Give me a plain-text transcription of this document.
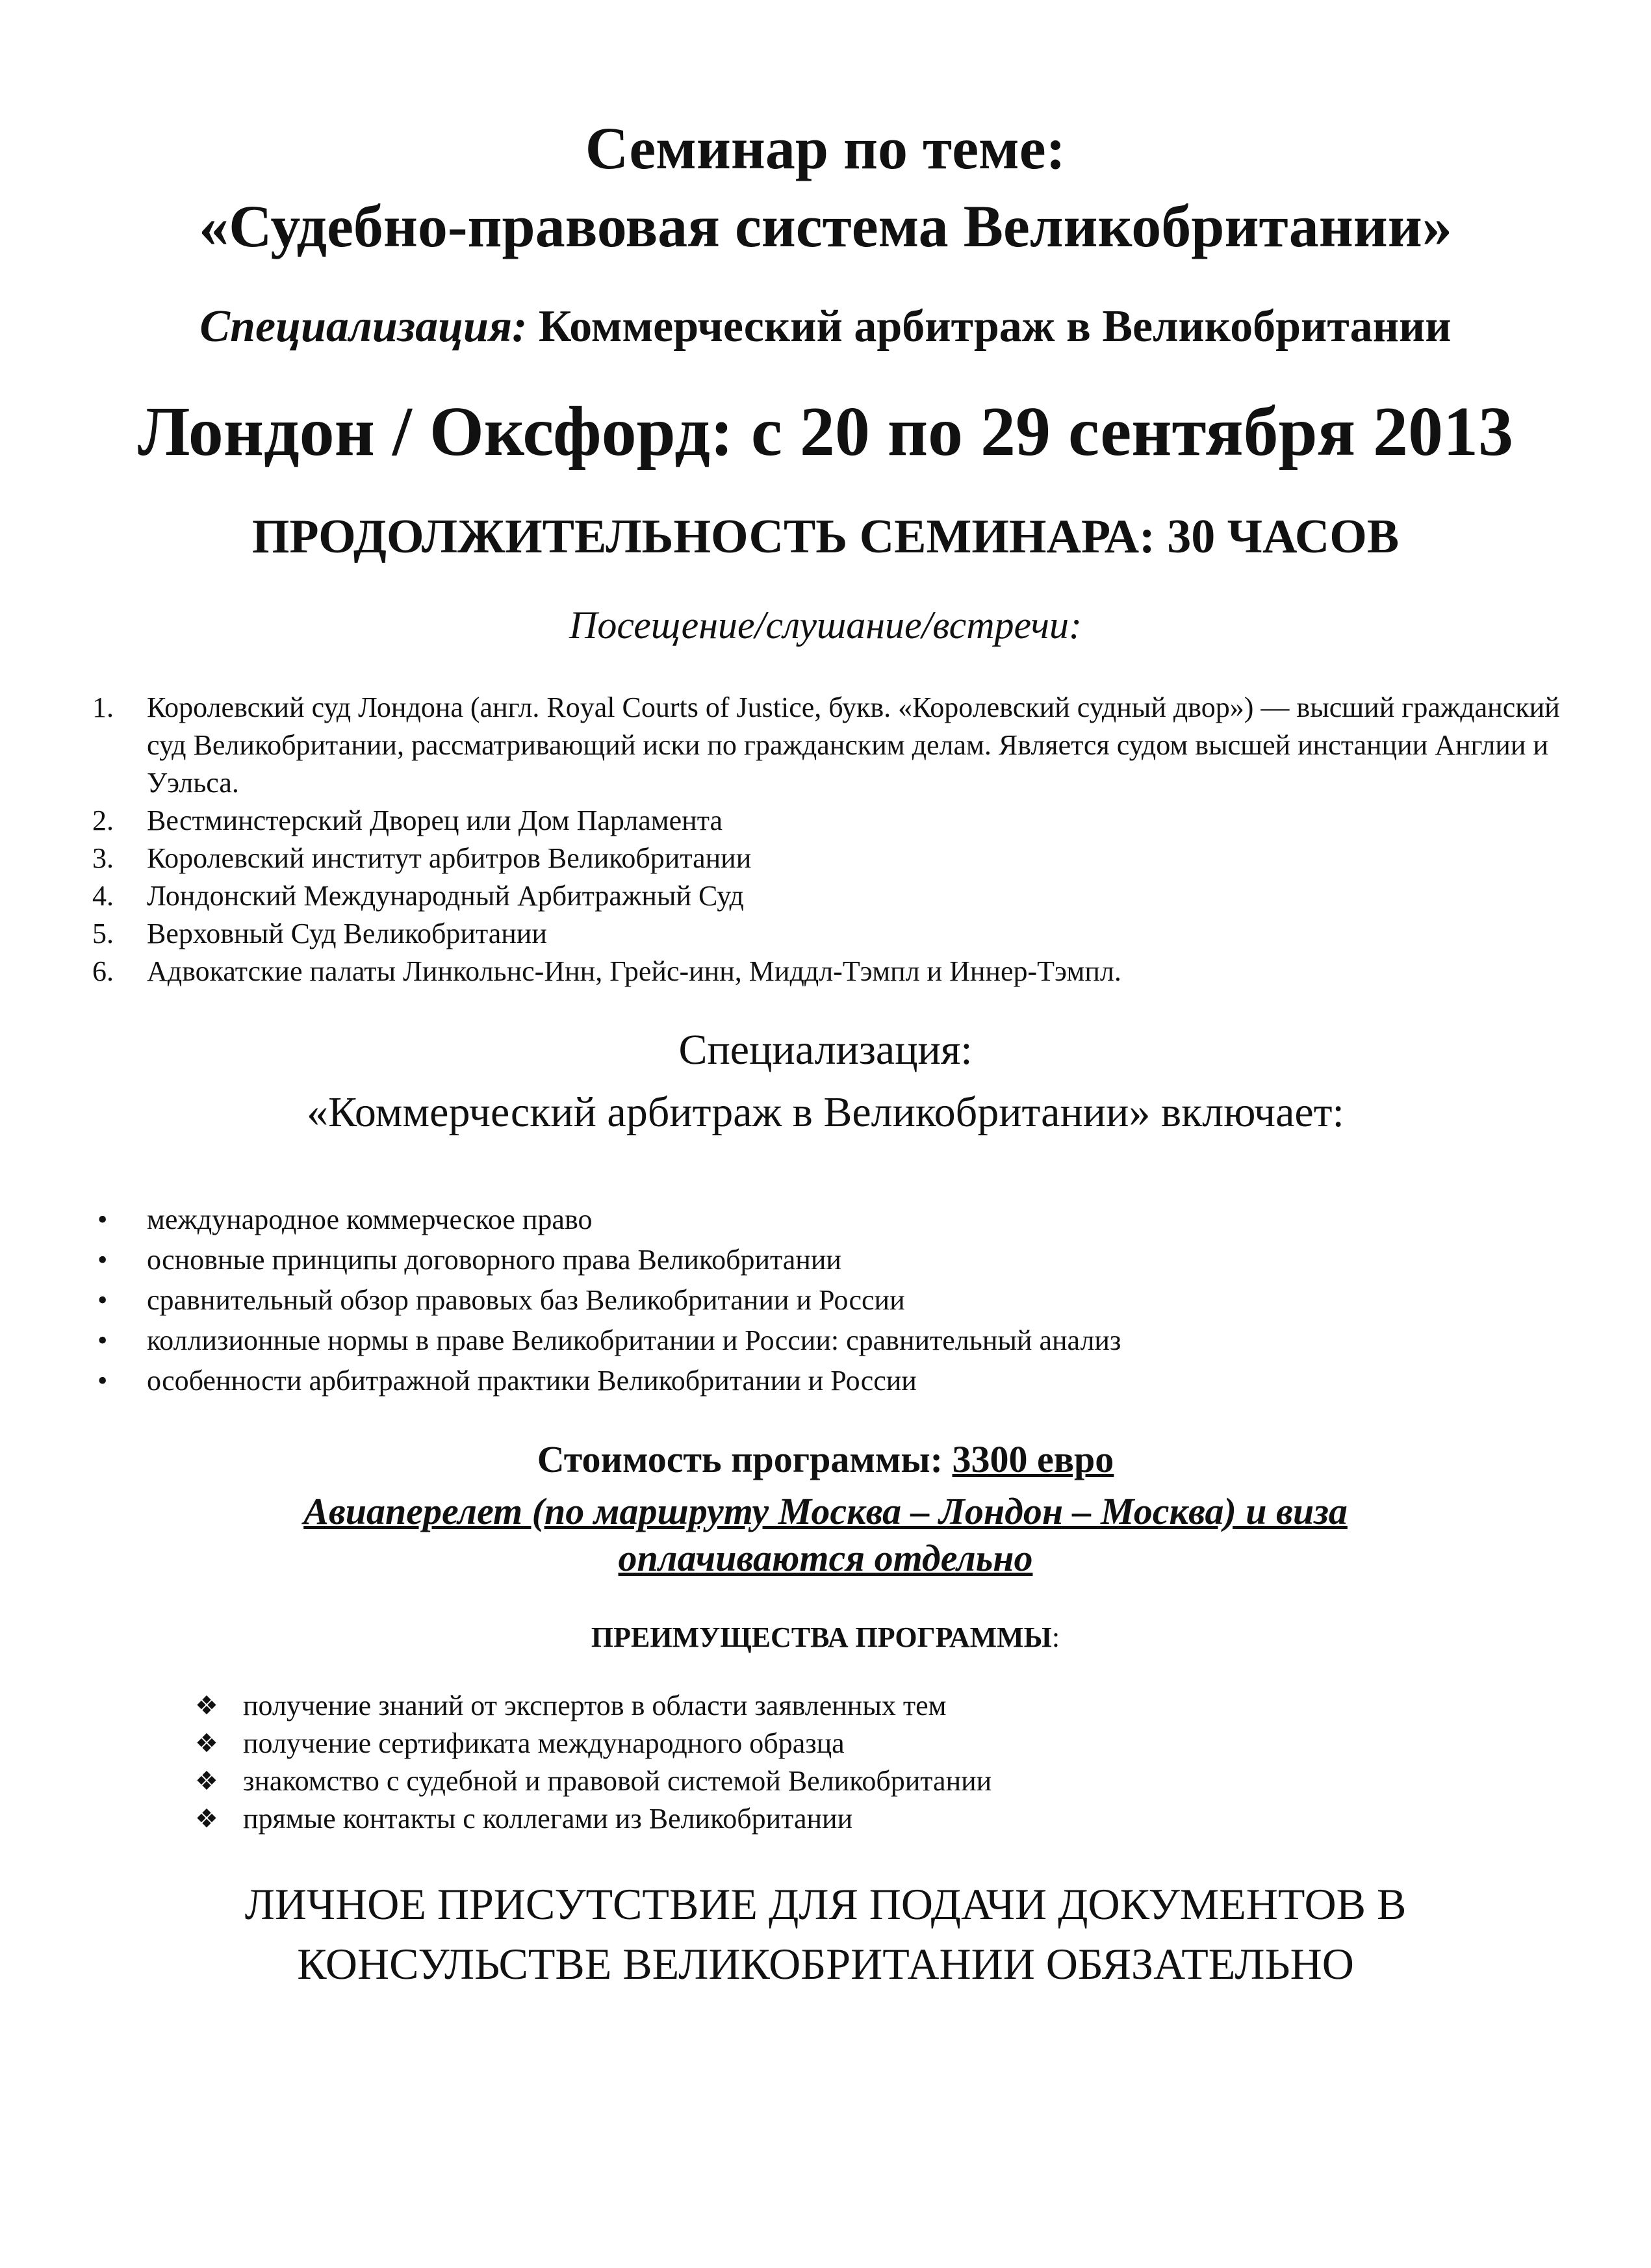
Семинар по теме:
«Судебно-правовая система Великобритании»
Специализация: Коммерческий арбитраж в Великобритании
Лондон / Оксфорд: с 20 по 29 сентября 2013
ПРОДОЛЖИТЕЛЬНОСТЬ СЕМИНАРА: 30 ЧАСОВ
Посещение/слушание/встречи:
1. Королевский суд Лондона (англ. Royal Courts of Justice, букв. «Королевский судный двор») — высший гражданский суд Великобритании, рассматривающий иски по гражданским делам. Является судом высшей инстанции Англии и Уэльса.
2. Вестминстерский Дворец или Дом Парламента
3. Королевский институт арбитров Великобритании
4. Лондонский Международный Арбитражный Суд
5. Верховный Суд Великобритании
6. Адвокатские палаты Линкольнс-Инн, Грейс-инн, Миддл-Тэмпл и Иннер-Тэмпл.
Специализация:
«Коммерческий арбитраж в Великобритании» включает:
• международное коммерческое право
• основные принципы договорного права Великобритании
• сравнительный обзор правовых баз Великобритании и России
• коллизионные нормы в праве Великобритании и России: сравнительный анализ
• особенности арбитражной практики Великобритании и России
Стоимость программы: 3300 евро
Авиаперелет (по маршруту Москва – Лондон – Москва) и виза
оплачиваются отдельно
ПРЕИМУЩЕСТВА ПРОГРАММЫ:
❖ получение знаний от экспертов в области заявленных тем
❖ получение сертификата международного образца
❖ знакомство с судебной и правовой системой Великобритании
❖ прямые контакты с коллегами из Великобритании
ЛИЧНОЕ ПРИСУТСТВИЕ ДЛЯ ПОДАЧИ ДОКУМЕНТОВ В
КОНСУЛЬСТВЕ ВЕЛИКОБРИТАНИИ ОБЯЗАТЕЛЬНО
